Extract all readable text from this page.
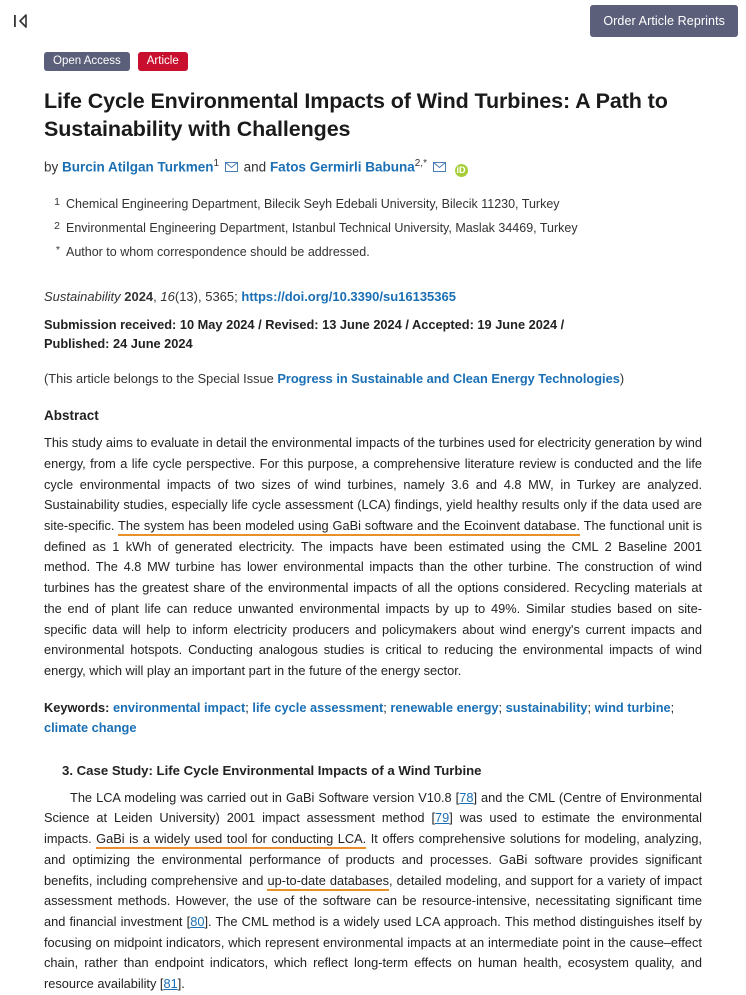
Order Article Reprints
Open Access	Article
Life Cycle Environmental Impacts of Wind Turbines: A Path to Sustainability with Challenges
by Burcin Atilgan Turkmen$^1$ and Fatos Germirli Babuna$^{2,*}$  iD
1 Chemical Engineering Department, Bilecik Seyh Edebali University, Bilecik 11230, Turkey
2 Environmental Engineering Department, Istanbul Technical University, Maslak 34469, Turkey
* Author to whom correspondence should be addressed.
Sustainability 2024, 16(13), 5365; https://doi.org/10.3390/su16135365
Submission received: 10 May 2024 / Revised: 13 June 2024 / Accepted: 19 June 2024 / Published: 24 June 2024
(This article belongs to the Special Issue Progress in Sustainable and Clean Energy Technologies)
Abstract

This study aims to evaluate in detail the environmental impacts of the turbines used for electricity generation by wind energy, from a life cycle perspective. For this purpose, a comprehensive literature review is conducted and the life cycle environmental impacts of two sizes of wind turbines, namely 3.6 and 4.8 MW, in Turkey are analyzed. Sustainability studies, especially life cycle assessment (LCA) findings, yield healthy results only if the data used are site-specific. The system has been modeled using GaBi software and the Ecoinvent database. The functional unit is defined as 1 kWh of generated electricity. The impacts have been estimated using the CML 2 Baseline 2001 method. The 4.8 MW turbine has lower environmental impacts than the other turbine. The construction of wind turbines has the greatest share of the environmental impacts of all the options considered. Recycling materials at the end of plant life can reduce unwanted environmental impacts by up to 49%. Similar studies based on site-specific data will help to inform electricity producers and policymakers about wind energy's current impacts and environmental hotspots. Conducting analogous studies is critical to reducing the environmental impacts of wind energy, which will play an important part in the future of the energy sector.

Keywords: environmental impact; life cycle assessment; renewable energy; sustainability; wind turbine; climate change
3. Case Study: Life Cycle Environmental Impacts of a Wind Turbine

The LCA modeling was carried out in GaBi Software version V10.8 [78] and the CML (Centre of Environmental Science at Leiden University) 2001 impact assessment method [79] was used to estimate the environmental impacts. GaBi is a widely used tool for conducting LCA. It offers comprehensive solutions for modeling, analyzing, and optimizing the environmental performance of products and processes. GaBi software provides significant benefits, including comprehensive and up-to-date databases, detailed modeling, and support for a variety of impact assessment methods. However, the use of the software can be resource-intensive, necessitating significant time and financial investment [80]. The CML method is a widely used LCA approach. This method distinguishes itself by focusing on midpoint indicators, which represent environmental impacts at an intermediate point in the cause–effect chain, rather than endpoint indicators, which reflect long-term effects on human health, ecosystem quality, and resource availability [81].
